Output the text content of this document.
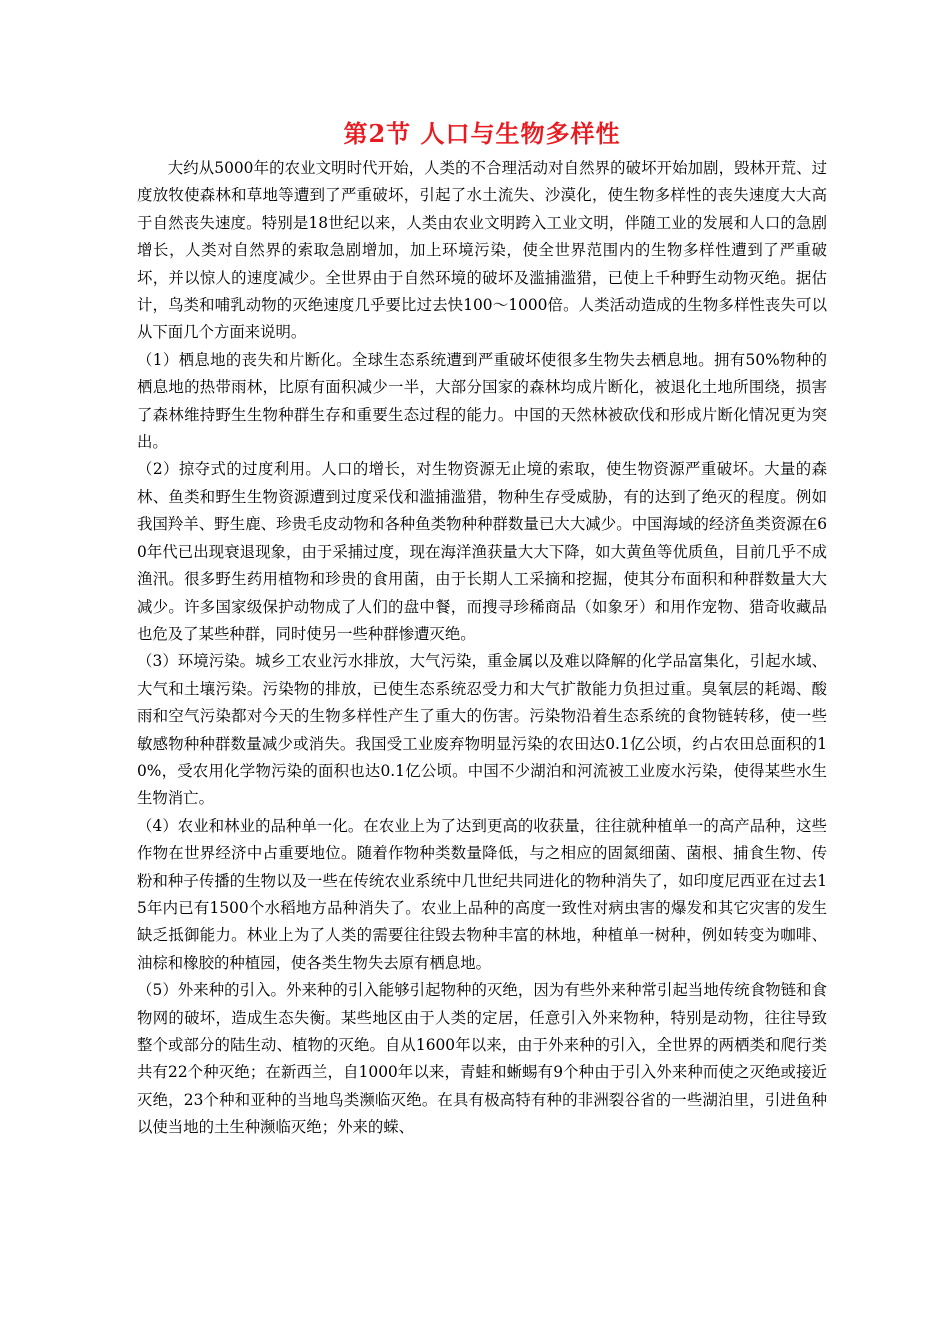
第2节 人口与生物多样性

大约从5000年的农业文明时代开始，人类的不合理活动对自然界的破坏开始加剧，毁林开荒、过度放牧使森林和草地等遭到了严重破坏，引起了水土流失、沙漠化，使生物多样性的丧失速度大大高于自然丧失速度。特别是18世纪以来，人类由农业文明跨入工业文明，伴随工业的发展和人口的急剧增长，人类对自然界的索取急剧增加，加上环境污染，使全世界范围内的生物多样性遭到了严重破坏，并以惊人的速度减少。全世界由于自然环境的破坏及滥捕滥猎，已使上千种野生动物灭绝。据估计，鸟类和哺乳动物的灭绝速度几乎要比过去快100～1000倍。人类活动造成的生物多样性丧失可以从下面几个方面来说明。

（1）栖息地的丧失和片断化。全球生态系统遭到严重破坏使很多生物失去栖息地。拥有50%物种的栖息地的热带雨林，比原有面积减少一半，大部分国家的森林均成片断化，被退化土地所围绕，损害了森林维持野生生物种群生存和重要生态过程的能力。中国的天然林被砍伐和形成片断化情况更为突出。

（2）掠夺式的过度利用。人口的增长，对生物资源无止境的索取，使生物资源严重破坏。大量的森林、鱼类和野生生物资源遭到过度采伐和滥捕滥猎，物种生存受威胁，有的达到了绝灭的程度。例如我国羚羊、野生鹿、珍贵毛皮动物和各种鱼类物种种群数量已大大减少。中国海域的经济鱼类资源在60年代已出现衰退现象，由于采捕过度，现在海洋渔获量大大下降，如大黄鱼等优质鱼，目前几乎不成渔汛。很多野生药用植物和珍贵的食用菌，由于长期人工采摘和挖掘，使其分布面积和种群数量大大减少。许多国家级保护动物成了人们的盘中餐，而搜寻珍稀商品（如象牙）和用作宠物、猎奇收藏品也危及了某些种群，同时使另一些种群惨遭灭绝。

（3）环境污染。城乡工农业污水排放，大气污染，重金属以及难以降解的化学品富集化，引起水域、大气和土壤污染。污染物的排放，已使生态系统忍受力和大气扩散能力负担过重。臭氧层的耗竭、酸雨和空气污染都对今天的生物多样性产生了重大的伤害。污染物沿着生态系统的食物链转移，使一些敏感物种种群数量减少或消失。我国受工业废弃物明显污染的农田达0.1亿公顷，约占农田总面积的10%，受农用化学物污染的面积也达0.1亿公顷。中国不少湖泊和河流被工业废水污染，使得某些水生生物消亡。

（4）农业和林业的品种单一化。在农业上为了达到更高的收获量，往往就种植单一的高产品种，这些作物在世界经济中占重要地位。随着作物种类数量降低，与之相应的固氮细菌、菌根、捕食生物、传粉和种子传播的生物以及一些在传统农业系统中几世纪共同进化的物种消失了，如印度尼西亚在过去15年内已有1500个水稻地方品种消失了。农业上品种的高度一致性对病虫害的爆发和其它灾害的发生缺乏抵御能力。林业上为了人类的需要往往毁去物种丰富的林地，种植单一树种，例如转变为咖啡、油棕和橡胶的种植园，使各类生物失去原有栖息地。

（5）外来种的引入。外来种的引入能够引起物种的灭绝，因为有些外来种常引起当地传统食物链和食物网的破坏，造成生态失衡。某些地区由于人类的定居，任意引入外来物种，特别是动物，往往导致整个或部分的陆生动、植物的灭绝。自从1600年以来，由于外来种的引入，全世界的两栖类和爬行类共有22个种灭绝；在新西兰，自1000年以来，青蛙和蜥蜴有9个种由于引入外来种而使之灭绝或接近灭绝，23个种和亚种的当地鸟类濒临灭绝。在具有极高特有种的非洲裂谷省的一些湖泊里，引进鱼种以使当地的土生种濒临灭绝；外来的蝾、
